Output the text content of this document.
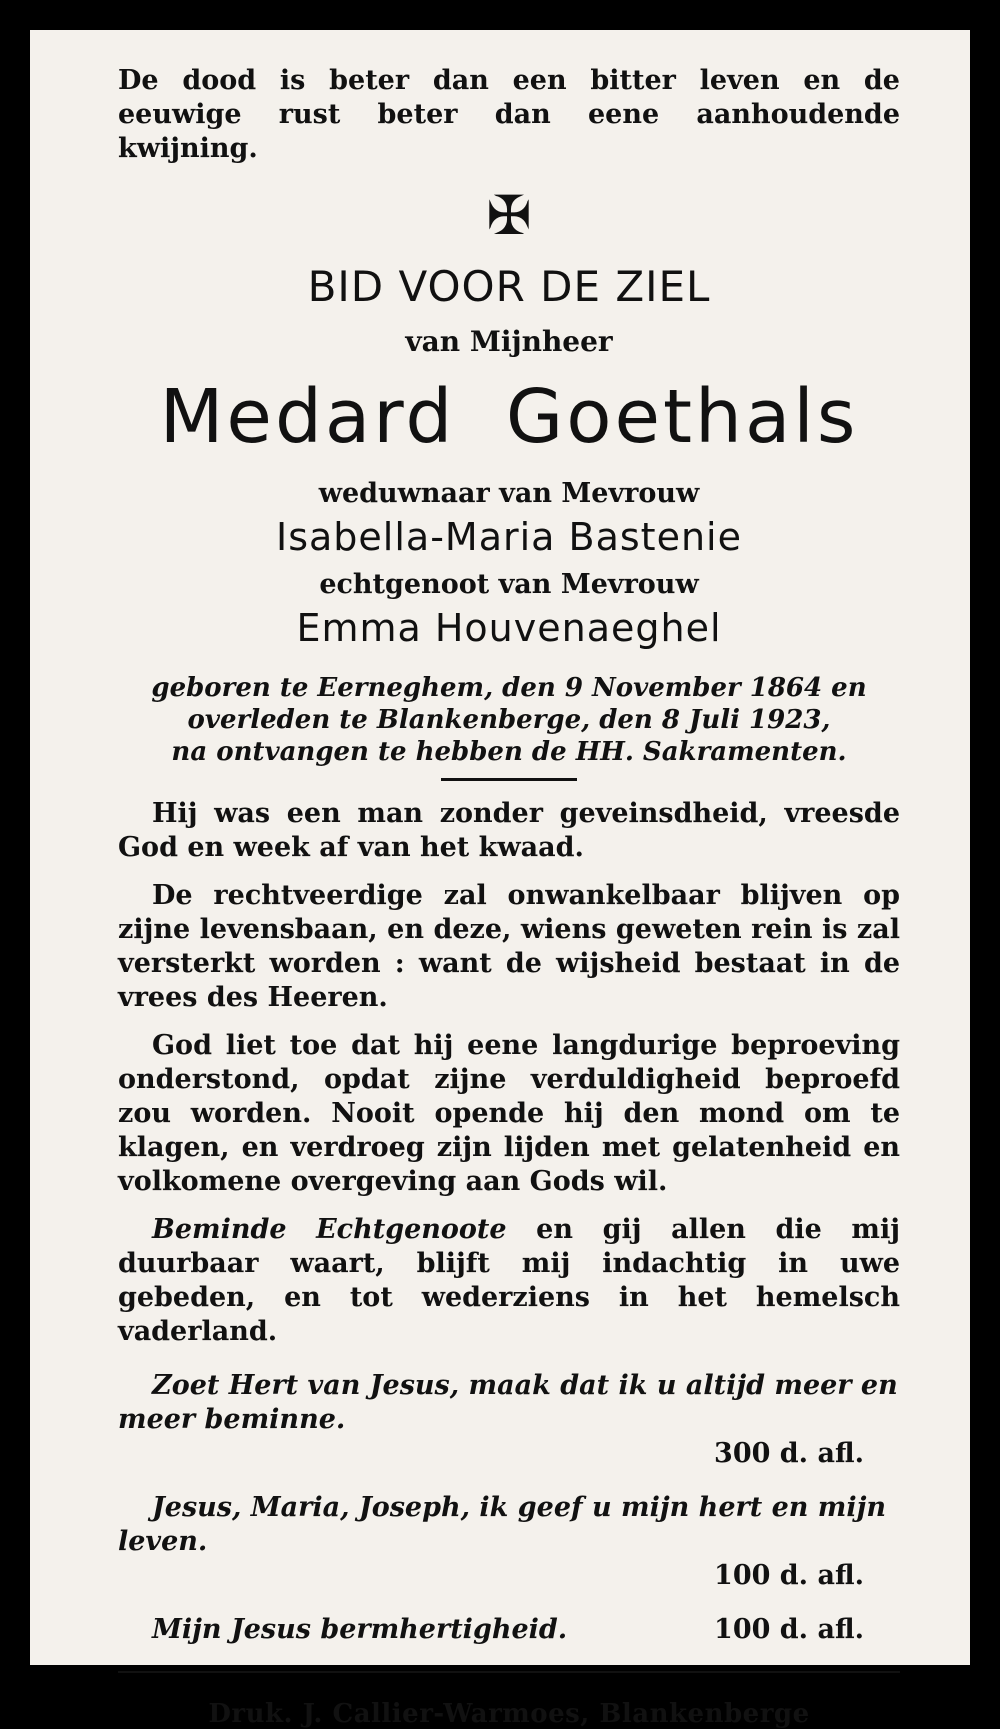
De dood is beter dan een bitter leven en de eeuwige rust beter dan eene aanhoudende kwijning.

✠

BID VOOR DE ZIEL

van Mijnheer

Medard Goethals

weduwnaar van Mevrouw

Isabella-Maria Bastenie

echtgenoot van Mevrouw

Emma Houvenaeghel

geboren te Eerneghem, den 9 November 1864 en
overleden te Blankenberge, den 8 Juli 1923,
na ontvangen te hebben de HH. Sakramenten.

Hij was een man zonder geveinsdheid, vreesde God en week af van het kwaad.

De rechtveerdige zal onwankelbaar blijven op zijne levensbaan, en deze, wiens geweten rein is zal versterkt worden : want de wijsheid bestaat in de vrees des Heeren.

God liet toe dat hij eene langdurige beproeving onderstond, opdat zijne verduldigheid beproefd zou worden. Nooit opende hij den mond om te klagen, en verdroeg zijn lijden met gelatenheid en volkomene overgeving aan Gods wil.

Beminde Echtgenoote en gij allen die mij duurbaar waart, blijft mij indachtig in uwe gebeden, en tot wederziens in het hemelsch vaderland.

Zoet Hert van Jesus, maak dat ik u altijd meer en meer beminne.
300 d. afl.

Jesus, Maria, Joseph, ik geef u mijn hert en mijn leven.
100 d. afl.

Mijn Jesus bermhertigheid.	100 d. afl.

Druk. J. Callier-Warmoes, Blankenberge
